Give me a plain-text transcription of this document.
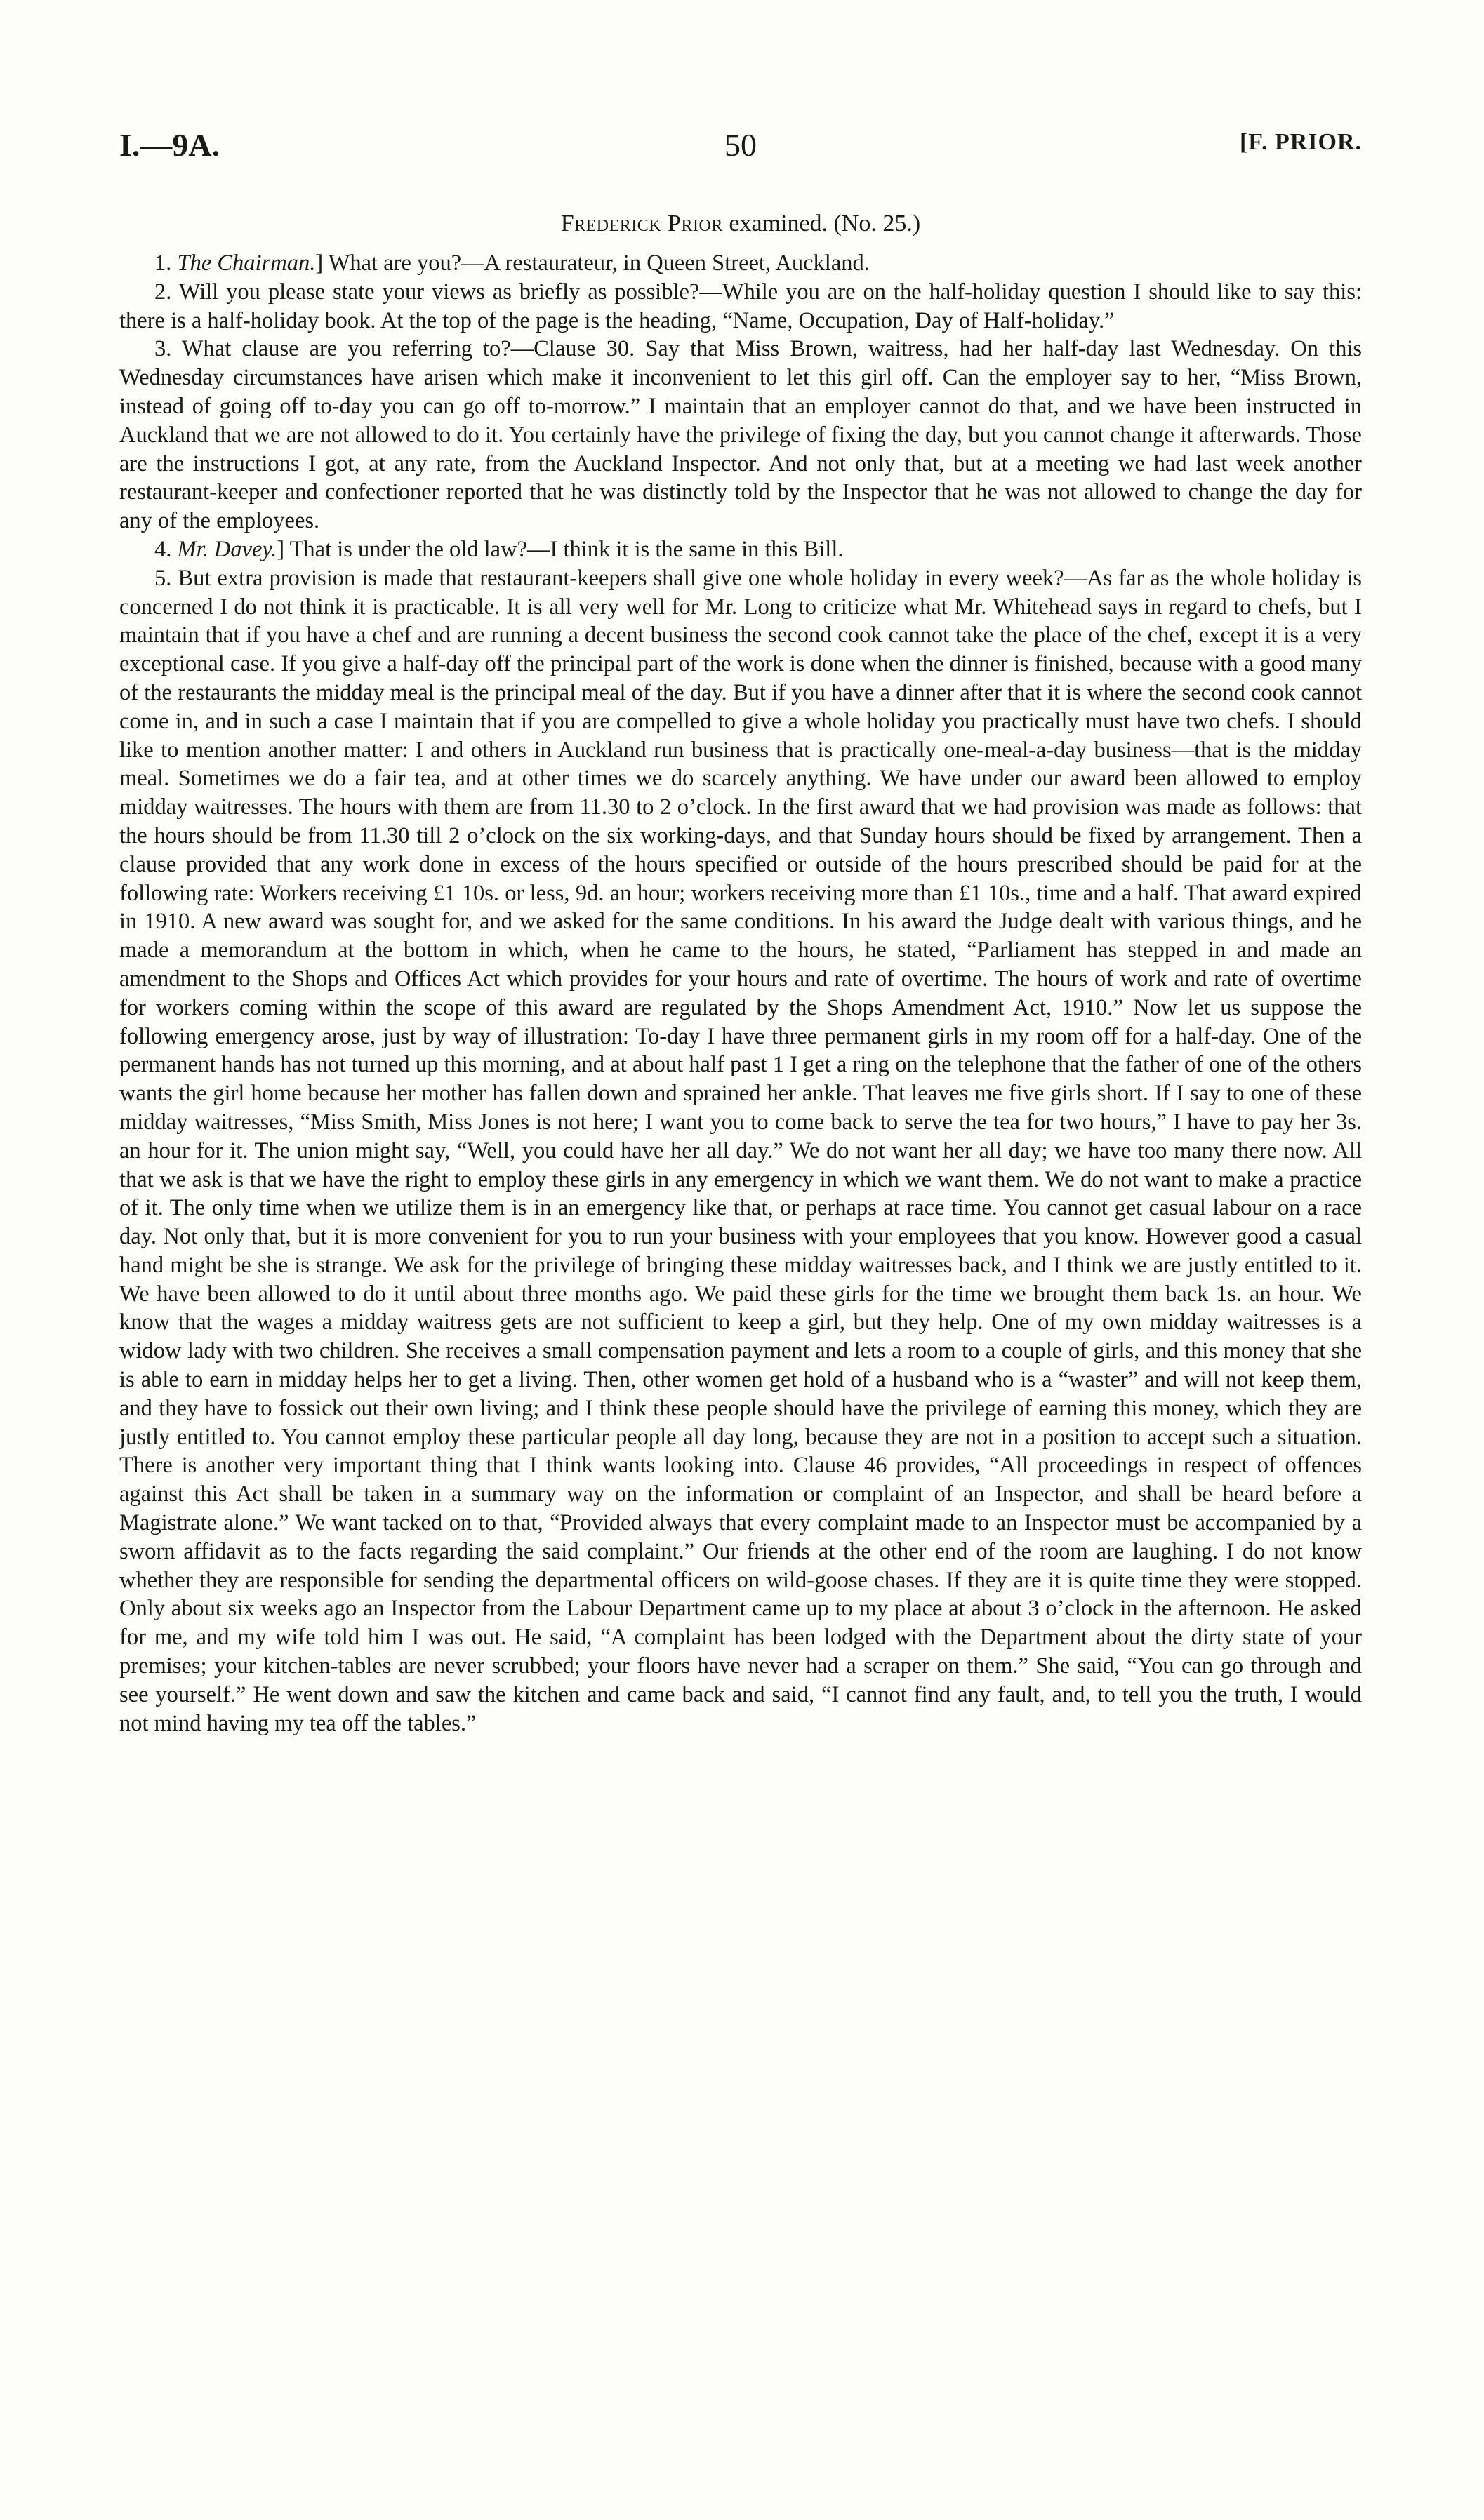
I.—9A.	50	[F. PRIOR.
Frederick Prior examined. (No. 25.)

1. The Chairman.] What are you?—A restaurateur, in Queen Street, Auckland.

2. Will you please state your views as briefly as possible?—While you are on the half-holiday question I should like to say this: there is a half-holiday book. At the top of the page is the heading, “Name, Occupation, Day of Half-holiday.”

3. What clause are you referring to?—Clause 30. Say that Miss Brown, waitress, had her half-day last Wednesday. On this Wednesday circumstances have arisen which make it inconvenient to let this girl off. Can the employer say to her, “Miss Brown, instead of going off to-day you can go off to-morrow.” I maintain that an employer cannot do that, and we have been instructed in Auckland that we are not allowed to do it. You certainly have the privilege of fixing the day, but you cannot change it afterwards. Those are the instructions I got, at any rate, from the Auckland Inspector. And not only that, but at a meeting we had last week another restaurant-keeper and confectioner reported that he was distinctly told by the Inspector that he was not allowed to change the day for any of the employees.

4. Mr. Davey.] That is under the old law?—I think it is the same in this Bill.

5. But extra provision is made that restaurant-keepers shall give one whole holiday in every week?—As far as the whole holiday is concerned I do not think it is practicable. It is all very well for Mr. Long to criticize what Mr. Whitehead says in regard to chefs, but I maintain that if you have a chef and are running a decent business the second cook cannot take the place of the chef, except it is a very exceptional case. If you give a half-day off the principal part of the work is done when the dinner is finished, because with a good many of the restaurants the midday meal is the principal meal of the day. But if you have a dinner after that it is where the second cook cannot come in, and in such a case I maintain that if you are compelled to give a whole holiday you practically must have two chefs. I should like to mention another matter: I and others in Auckland run business that is practically one-meal-a-day business—that is the midday meal. Sometimes we do a fair tea, and at other times we do scarcely anything. We have under our award been allowed to employ midday waitresses. The hours with them are from 11.30 to 2 o’clock. In the first award that we had provision was made as follows: that the hours should be from 11.30 till 2 o’clock on the six working-days, and that Sunday hours should be fixed by arrangement. Then a clause provided that any work done in excess of the hours specified or outside of the hours prescribed should be paid for at the following rate: Workers receiving £1 10s. or less, 9d. an hour; workers receiving more than £1 10s., time and a half. That award expired in 1910. A new award was sought for, and we asked for the same conditions. In his award the Judge dealt with various things, and he made a memorandum at the bottom in which, when he came to the hours, he stated, “Parliament has stepped in and made an amendment to the Shops and Offices Act which provides for your hours and rate of overtime. The hours of work and rate of overtime for workers coming within the scope of this award are regulated by the Shops Amendment Act, 1910.” Now let us suppose the following emergency arose, just by way of illustration: To-day I have three permanent girls in my room off for a half-day. One of the permanent hands has not turned up this morning, and at about half past 1 I get a ring on the telephone that the father of one of the others wants the girl home because her mother has fallen down and sprained her ankle. That leaves me five girls short. If I say to one of these midday waitresses, “Miss Smith, Miss Jones is not here; I want you to come back to serve the tea for two hours,” I have to pay her 3s. an hour for it. The union might say, “Well, you could have her all day.” We do not want her all day; we have too many there now. All that we ask is that we have the right to employ these girls in any emergency in which we want them. We do not want to make a practice of it. The only time when we utilize them is in an emergency like that, or perhaps at race time. You cannot get casual labour on a race day. Not only that, but it is more convenient for you to run your business with your employees that you know. However good a casual hand might be she is strange. We ask for the privilege of bringing these midday waitresses back, and I think we are justly entitled to it. We have been allowed to do it until about three months ago. We paid these girls for the time we brought them back 1s. an hour. We know that the wages a midday waitress gets are not sufficient to keep a girl, but they help. One of my own midday waitresses is a widow lady with two children. She receives a small compensation payment and lets a room to a couple of girls, and this money that she is able to earn in midday helps her to get a living. Then, other women get hold of a husband who is a “waster” and will not keep them, and they have to fossick out their own living; and I think these people should have the privilege of earning this money, which they are justly entitled to. You cannot employ these particular people all day long, because they are not in a position to accept such a situation. There is another very important thing that I think wants looking into. Clause 46 provides, “All proceedings in respect of offences against this Act shall be taken in a summary way on the information or complaint of an Inspector, and shall be heard before a Magistrate alone.” We want tacked on to that, “Provided always that every complaint made to an Inspector must be accompanied by a sworn affidavit as to the facts regarding the said complaint.” Our friends at the other end of the room are laughing. I do not know whether they are responsible for sending the departmental officers on wild-goose chases. If they are it is quite time they were stopped. Only about six weeks ago an Inspector from the Labour Department came up to my place at about 3 o’clock in the afternoon. He asked for me, and my wife told him I was out. He said, “A complaint has been lodged with the Department about the dirty state of your premises; your kitchen-tables are never scrubbed; your floors have never had a scraper on them.” She said, “You can go through and see yourself.” He went down and saw the kitchen and came back and said, “I cannot find any fault, and, to tell you the truth, I would not mind having my tea off the tables.”
